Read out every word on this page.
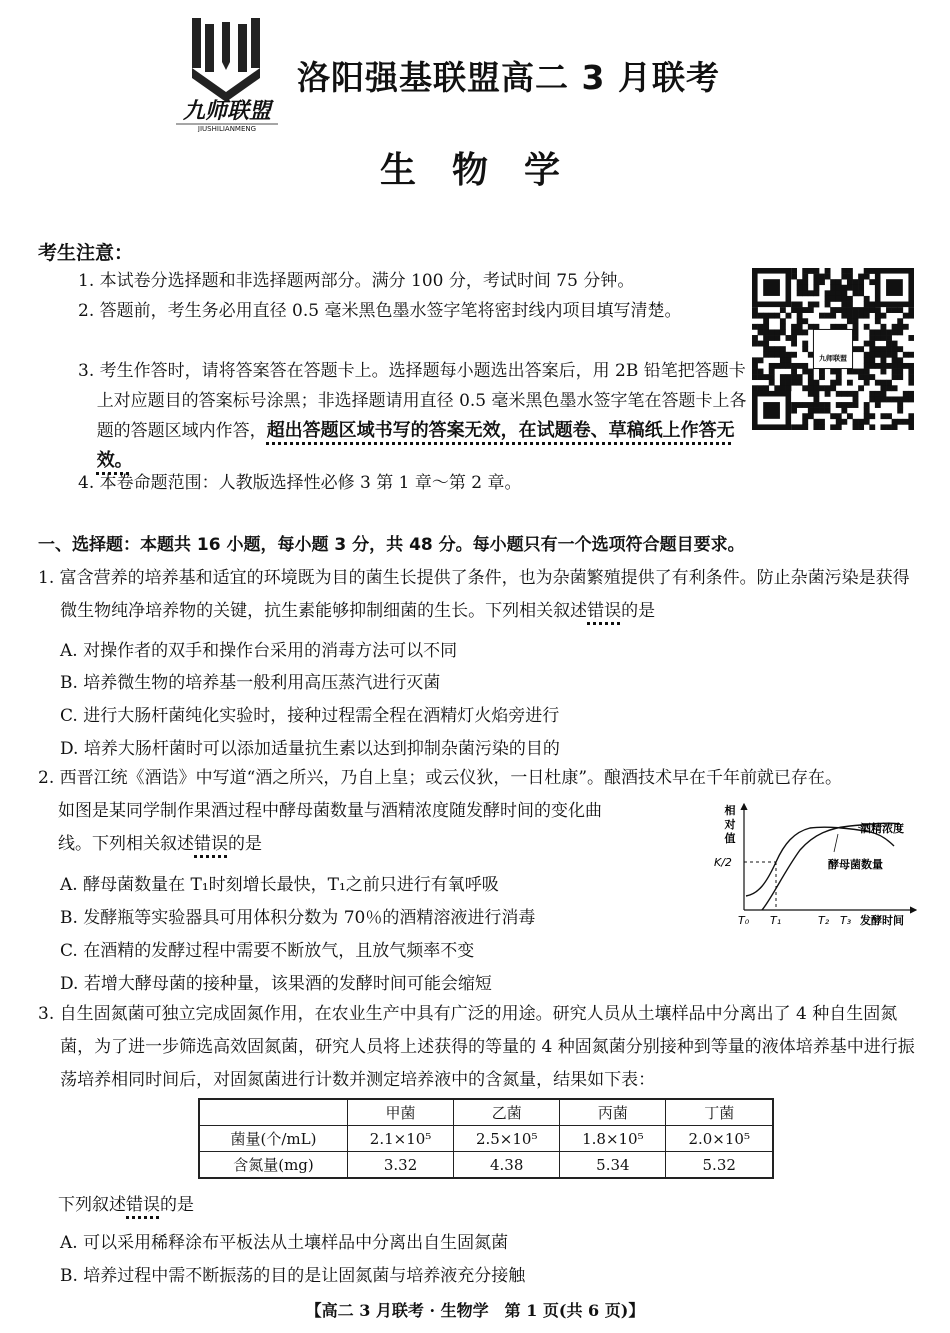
九师联盟
JIUSHILIANMENG
洛阳强基联盟高二 3 月联考
生物学
考生注意：
1. 本试卷分选择题和非选择题两部分。满分 100 分，考试时间 75 分钟。
2. 答题前，考生务必用直径 0.5 毫米黑色墨水签字笔将密封线内项目填写清楚。
3. 考生作答时，请将答案答在答题卡上。选择题每小题选出答案后，用 2B 铅笔把答题卡上对应题目的答案标号涂黑；非选择题请用直径 0.5 毫米黑色墨水签字笔在答题卡上各题的答题区域内作答，超出答题区域书写的答案无效，在试题卷、草稿纸上作答无效。
4. 本卷命题范围：人教版选择性必修 3 第 1 章～第 2 章。
九师联盟
一、选择题：本题共 16 小题，每小题 3 分，共 48 分。每小题只有一个选项符合题目要求。
1. 富含营养的培养基和适宜的环境既为目的菌生长提供了条件，也为杂菌繁殖提供了有利条件。防止杂菌污染是获得微生物纯净培养物的关键，抗生素能够抑制细菌的生长。下列相关叙述错误的是
A. 对操作者的双手和操作台采用的消毒方法可以不同
B. 培养微生物的培养基一般利用高压蒸汽进行灭菌
C. 进行大肠杆菌纯化实验时，接种过程需全程在酒精灯火焰旁进行
D. 培养大肠杆菌时可以添加适量抗生素以达到抑制杂菌污染的目的
2. 西晋江统《酒诰》中写道“酒之所兴，乃自上皇；或云仪狄，一日杜康”。酿酒技术早在千年前就已存在。
如图是某同学制作果酒过程中酵母菌数量与酒精浓度随发酵时间的变化曲
线。下列相关叙述错误的是
A. 酵母菌数量在 T₁时刻增长最快，T₁之前只进行有氧呼吸
B. 发酵瓶等实验器具可用体积分数为 70％的酒精溶液进行消毒
C. 在酒精的发酵过程中需要不断放气，且放气频率不变
D. 若增大酵母菌的接种量，该果酒的发酵时间可能会缩短
相
对
值
K/2
酒精浓度
酵母菌数量
T₀ T₁	T₂ T₃ 发酵时间
3. 自生固氮菌可独立完成固氮作用，在农业生产中具有广泛的用途。研究人员从土壤样品中分离出了 4 种自生固氮菌，为了进一步筛选高效固氮菌，研究人员将上述获得的等量的 4 种固氮菌分别接种到等量的液体培养基中进行振荡培养相同时间后，对固氮菌进行计数并测定培养液中的含氮量，结果如下表：
	甲菌	乙菌	丙菌	丁菌
菌量(个/mL)	2.1×10⁵	2.5×10⁵	1.8×10⁵	2.0×10⁵
含氮量(mg)	3.32	4.38	5.34	5.32
下列叙述错误的是
A. 可以采用稀释涂布平板法从土壤样品中分离出自生固氮菌
B. 培养过程中需不断振荡的目的是让固氮菌与培养液充分接触
【高二 3 月联考 · 生物学　第 1 页(共 6 页)】
